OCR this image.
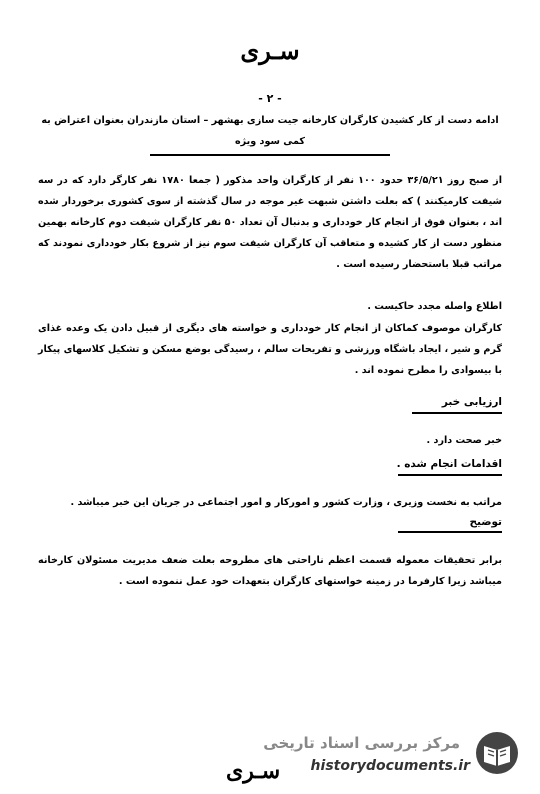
سـری
- ۲ -

ادامه دست از کار کشیدن کارگران کارخانه جیت سازی بهشهر – استان مازندران بعنوان اعتراض به کمی سود ویژه

از صبح روز ۳۶/۵/۲۱ حدود ۱۰۰ نفر از کارگران واحد مذکور ( جمعا ۱۷۸۰ نفر کارگر دارد که در سه شیفت کارمیکنند ) که بعلت داشتن شبهت غیر موجه در سال گذشته از سوی کشوری برخوردار شده اند ، بعنوان فوق از انجام کار خودداری و بدنبال آن تعداد ۵۰ نفر کارگران شیفت دوم کارخانه بهمین منظور دست از کار کشیده و متعاقب آن کارگران شیفت سوم نیز از شروع بکار خودداری نمودند که مراتب قبلا باستحضار رسیده است .

اطلاع واصله مجدد حاکیست .

کارگران موصوف کماکان از انجام کار خودداری و خواسته های دیگری از قبیل دادن یک وعده غذای گرم و شیر ، ایجاد باشگاه ورزشی و تفریحات سالم ، رسیدگی بوضع مسکن و تشکیل کلاسهای پیکار با بیسوادی را مطرح نموده اند .

ارزیابی خبر

خبر صحت دارد .

اقدامات انجام شده .

مراتب به نخست وزیری ، وزارت کشور و امورکار و امور اجتماعی در جریان این خبر میباشد .

توضیح

برابر تحقیقات معموله قسمت اعظم ناراحتی های مطروحه بعلت ضعف مدیریت مسئولان کارخانه میباشد زیرا کارفرما در زمینه خواستهای کارگران بتعهدات خود عمل ننموده است .

مرکز بررسی اسناد تاریخی
historydocuments.ir
سـری
